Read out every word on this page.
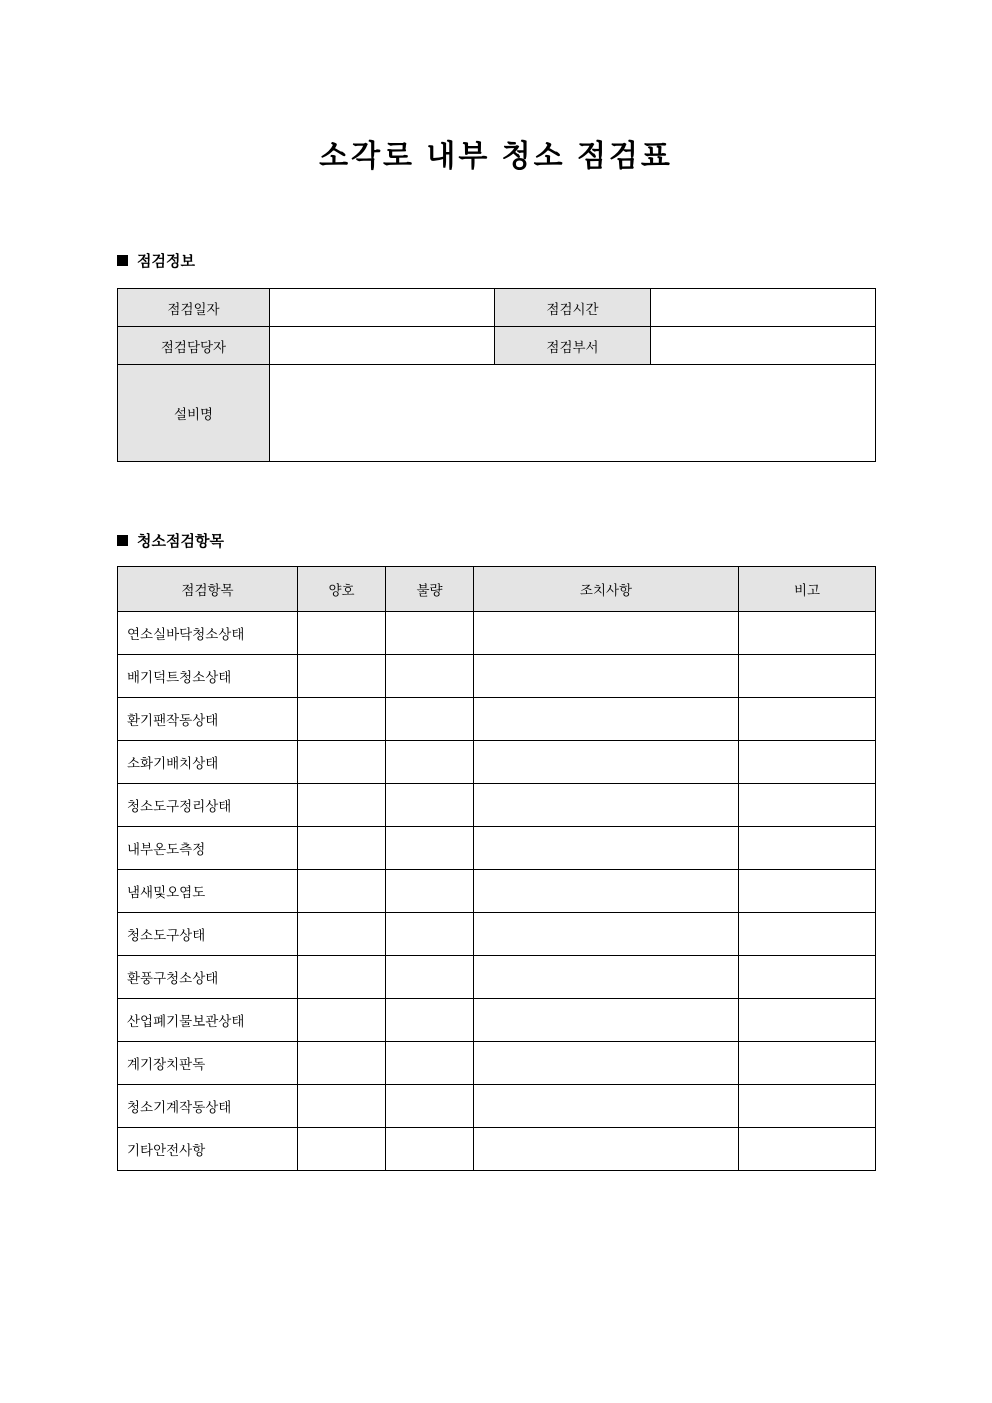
소각로 내부 청소 점검표
점검정보
점검일자		점검시간	
점검담당자		점검부서	
설비명			
청소점검항목
점검항목	양호	불량	조치사항	비고
연소실바닥청소상태				
배기덕트청소상태				
환기팬작동상태				
소화기배치상태				
청소도구정리상태				
내부온도측정				
냄새및오염도				
청소도구상태				
환풍구청소상태				
산업폐기물보관상태				
계기장치판독				
청소기계작동상태				
기타안전사항				
